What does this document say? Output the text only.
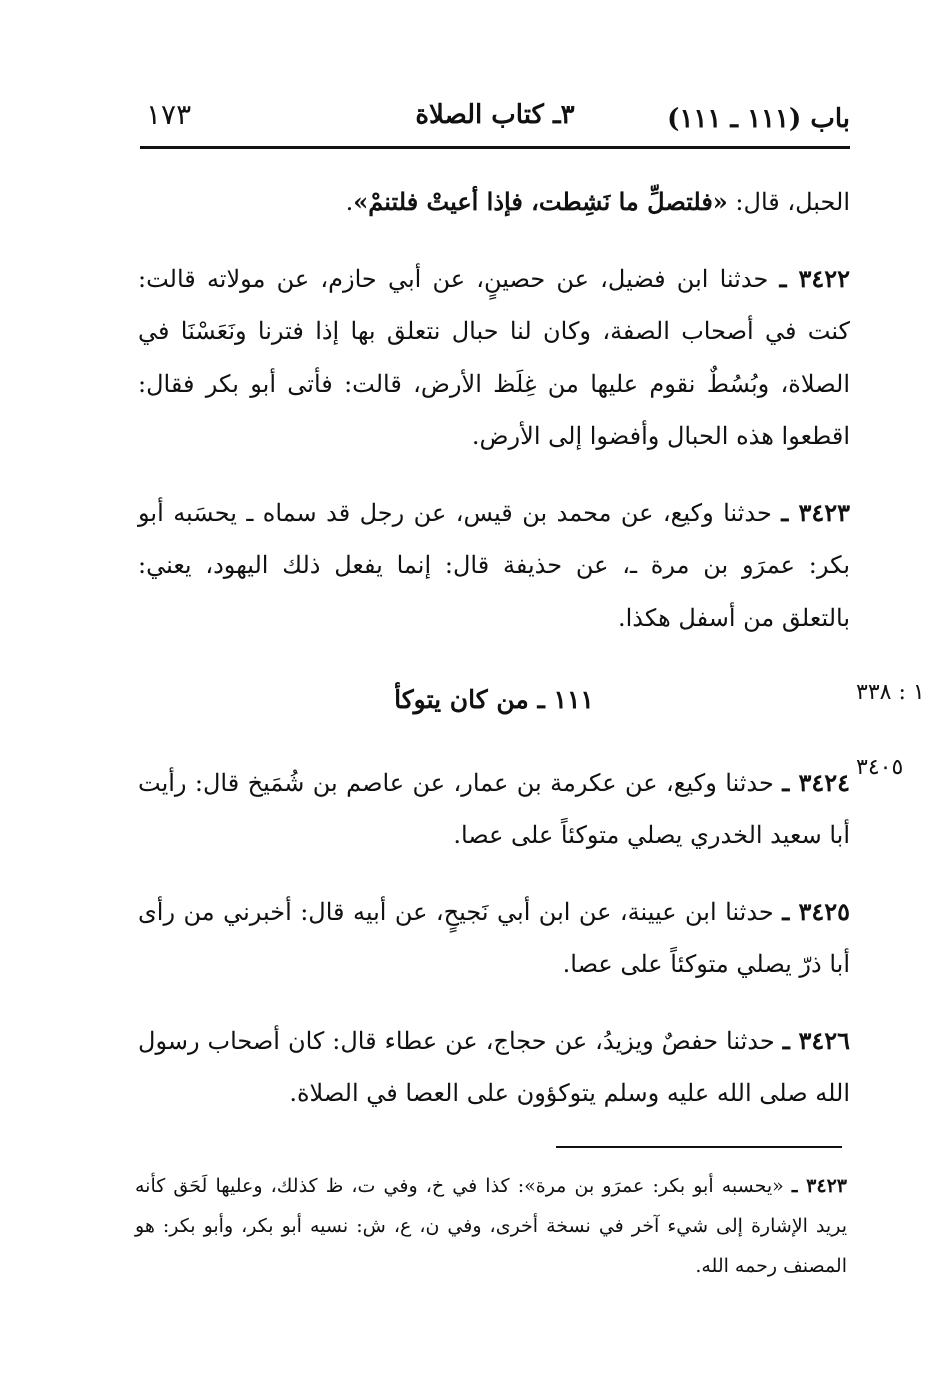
باب (١١١ ـ ١١١)
٣ـ كتاب الصلاة
١٧٣
١ : ٣٣٨
٣٤٠٥

الحبل، قال: «فلتصلِّ ما نَشِطت، فإذا أعيتْ فلتنمْ».

٣٤٢٢ ـ حدثنا ابن فضيل، عن حصينٍ، عن أبي حازم، عن مولاته قالت: كنت في أصحاب الصفة، وكان لنا حبال نتعلق بها إذا فترنا ونَعَسْنَا في الصلاة، وبُسُطٌ نقوم عليها من غِلَظ الأرض، قالت: فأتى أبو بكر فقال: اقطعوا هذه الحبال وأفضوا إلى الأرض.

٣٤٢٣ ـ حدثنا وكيع، عن محمد بن قيس، عن رجل قد سماه ـ يحسَبه أبو بكر: عمرَو بن مرة ـ، عن حذيفة قال: إنما يفعل ذلك اليهود، يعني: بالتعلق من أسفل هكذا.

١١١ ـ من كان يتوكأ

٣٤٢٤ ـ حدثنا وكيع، عن عكرمة بن عمار، عن عاصم بن شُمَيخ قال: رأيت أبا سعيد الخدري يصلي متوكئاً على عصا.

٣٤٢٥ ـ حدثنا ابن عيينة، عن ابن أبي نَجيحٍ، عن أبيه قال: أخبرني من رأى أبا ذرّ يصلي متوكئاً على عصا.

٣٤٢٦ ـ حدثنا حفصٌ ويزيدُ، عن حجاج، عن عطاء قال: كان أصحاب رسول الله صلى الله عليه وسلم يتوكؤون على العصا في الصلاة.

٣٤٢٣ ـ «يحسبه أبو بكر: عمرَو بن مرة»: كذا في خ، وفي ت، ظ كذلك، وعليها لَحَق كأنه يريد الإشارة إلى شيء آخر في نسخة أخرى، وفي ن، ع، ش: نسيه أبو بكر، وأبو بكر: هو المصنف رحمه الله.
